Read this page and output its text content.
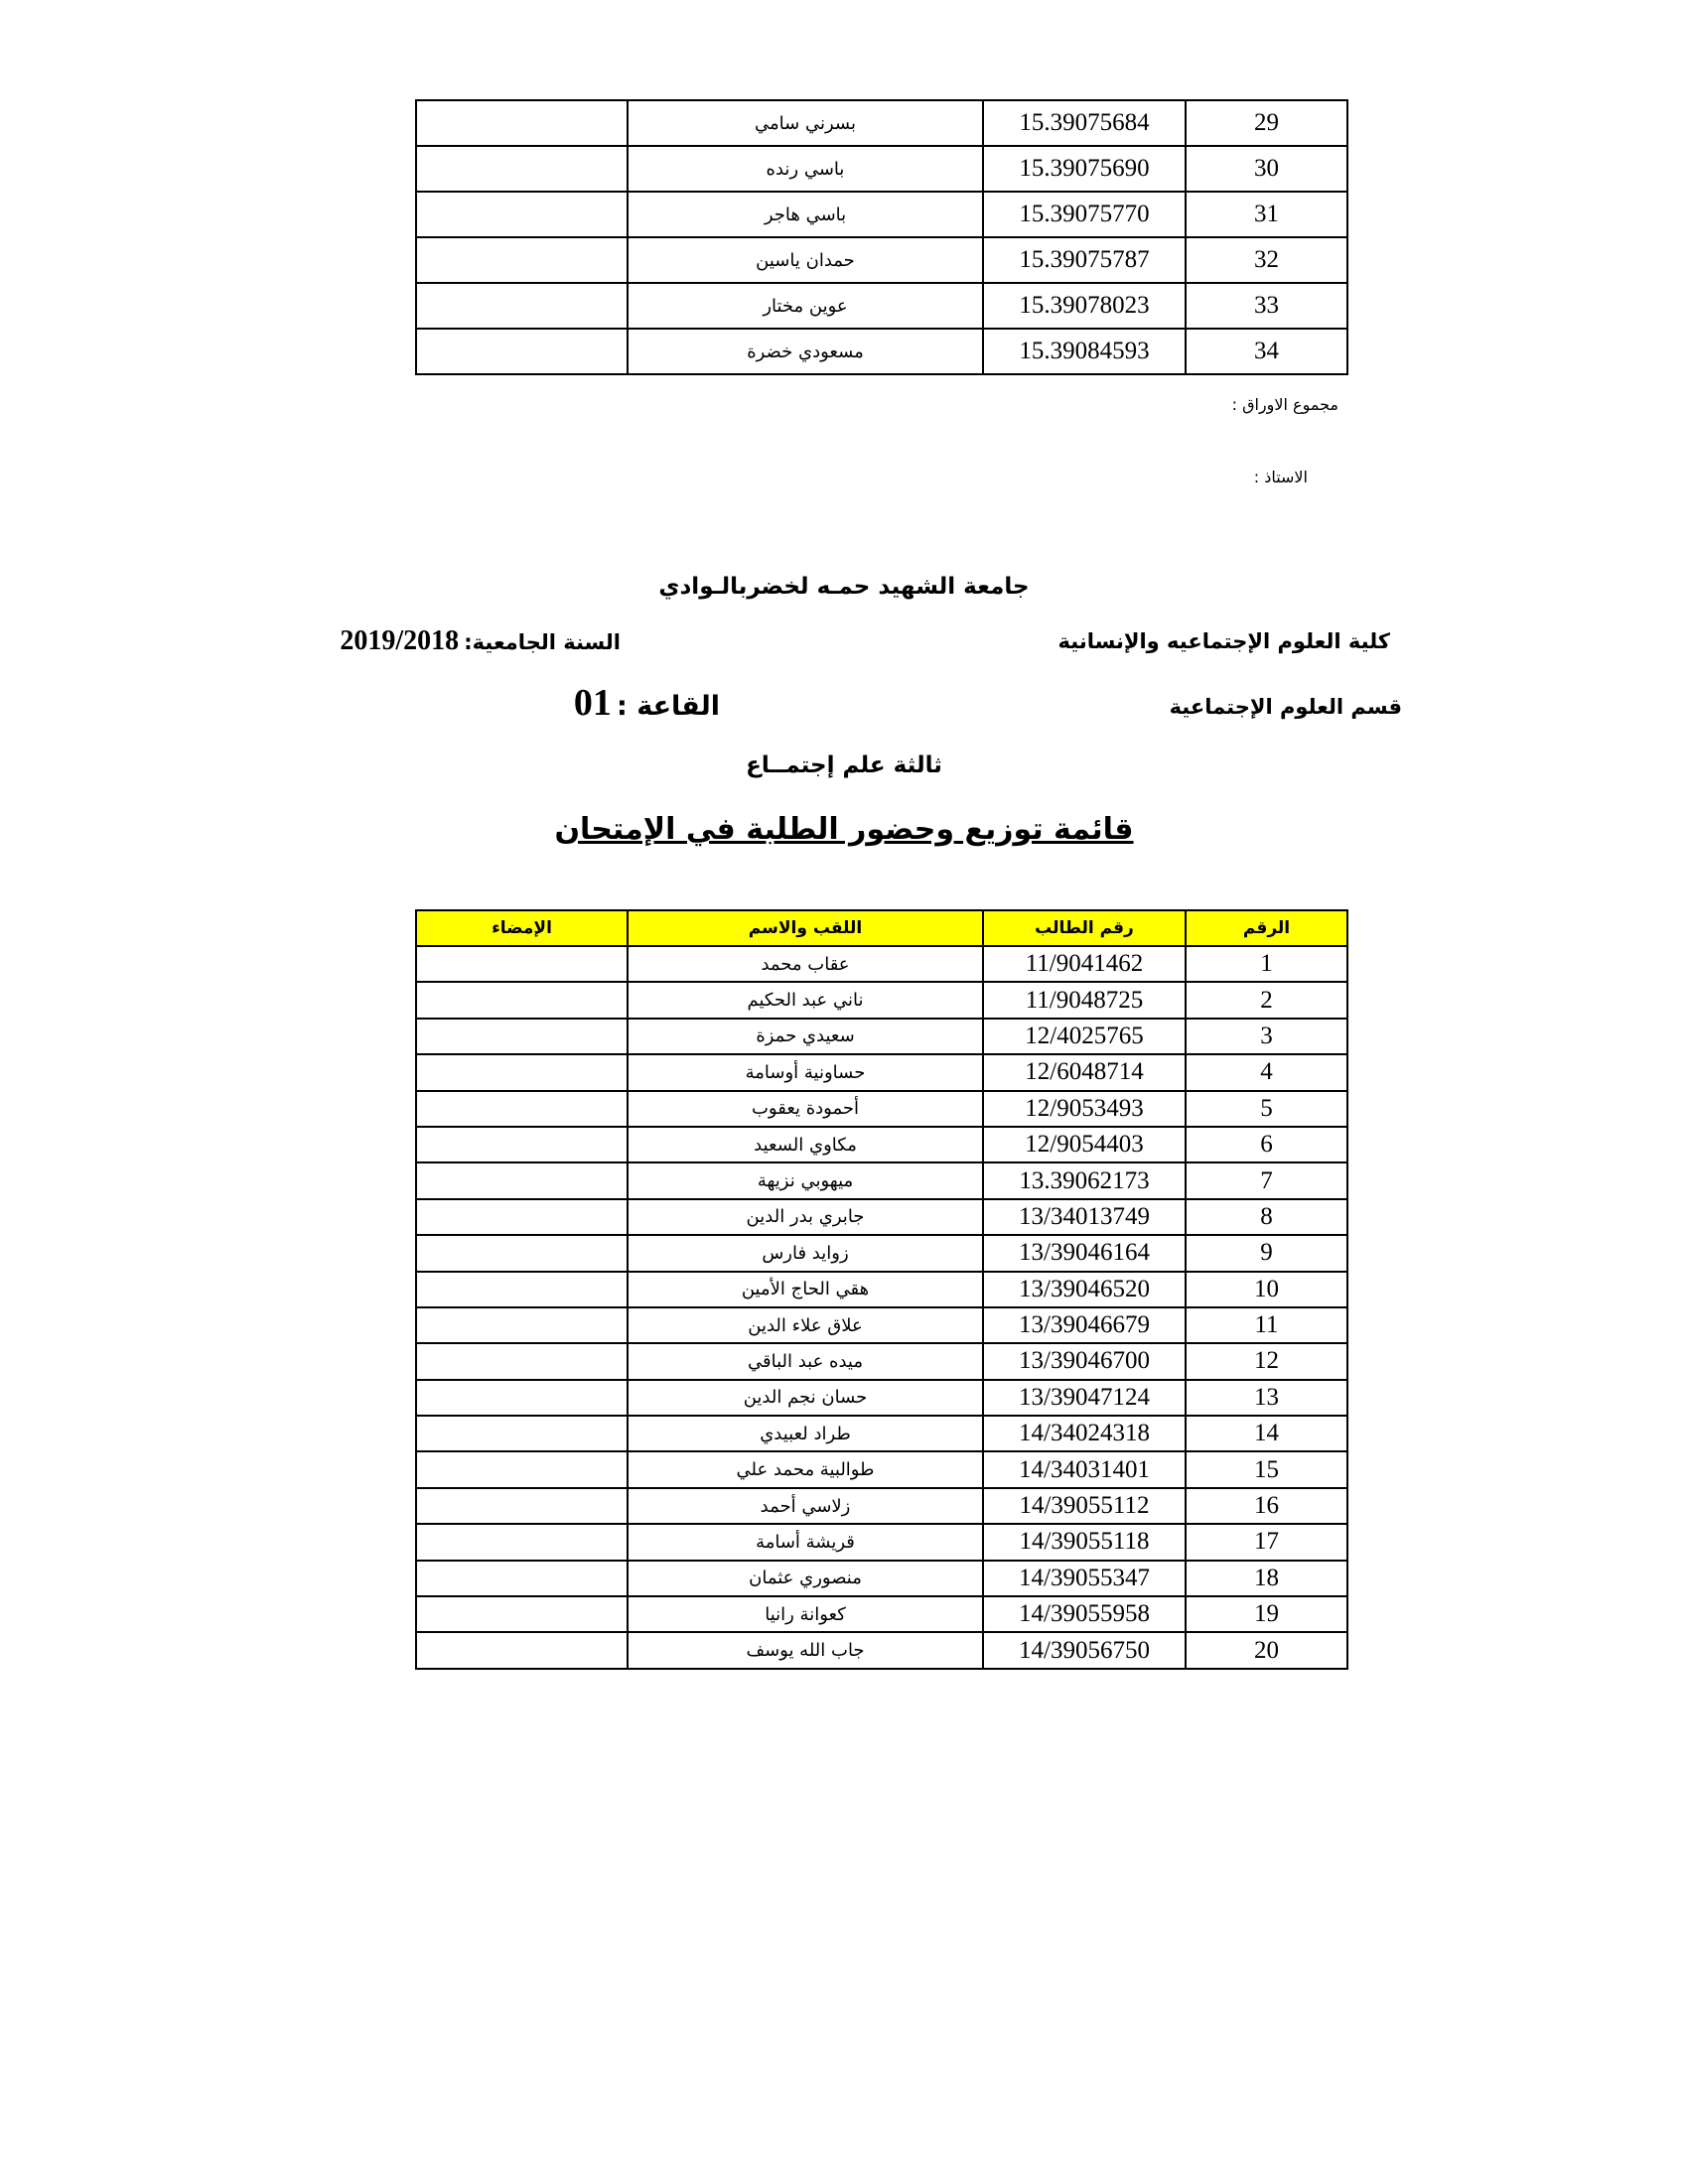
29	15.39075684	بسرني سامي	
30	15.39075690	باسي رنده	
31	15.39075770	باسي هاجر	
32	15.39075787	حمدان ياسين	
33	15.39078023	عوين مختار	
34	15.39084593	مسعودي خضرة	
مجموع الاوراق :
الاستاذ :
جامعة الشهيد حمـه لخضربالـوادي
كلية العلوم الإجتماعيه والإنسانية
السنة الجامعية: 2019/2018
قسم العلوم الإجتماعية
القاعة : 01
ثالثة علم إجتمــاع
قائمة توزيع وحضور الطلبة في الإمتحان
الرقم	رقم الطالب	اللقب والاسم	الإمضاء
1	11/9041462	عقاب محمد	
2	11/9048725	ناني عبد الحكيم	
3	12/4025765	سعيدي حمزة	
4	12/6048714	حساونية أوسامة	
5	12/9053493	أحمودة يعقوب	
6	12/9054403	مكاوي السعيد	
7	13.39062173	ميهوبي نزيهة	
8	13/34013749	جابري بدر الدين	
9	13/39046164	زوايد فارس	
10	13/39046520	هقي الحاج الأمين	
11	13/39046679	علاق علاء الدين	
12	13/39046700	ميده عبد الباقي	
13	13/39047124	حسان نجم الدين	
14	14/34024318	طراد لعبيدي	
15	14/34031401	طوالبية محمد علي	
16	14/39055112	زلاسي أحمد	
17	14/39055118	قريشة أسامة	
18	14/39055347	منصوري عثمان	
19	14/39055958	كعوانة رانيا	
20	14/39056750	جاب الله يوسف	
